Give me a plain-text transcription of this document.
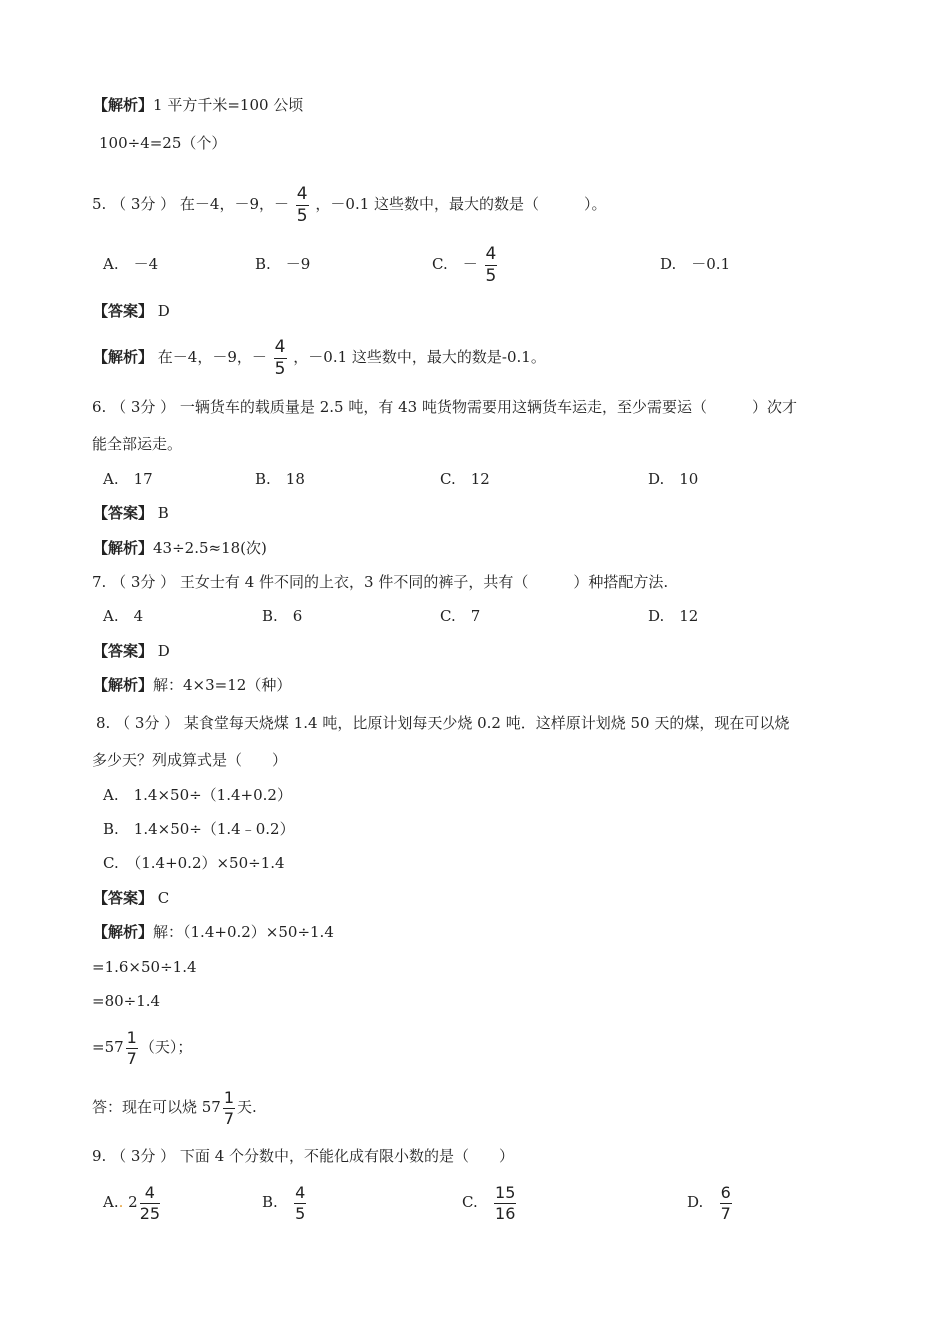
【解析】1 平方千米=100 公顷
100÷4=25（个）
5. （ 3分 ） 在－4，－9，－ $\frac{4}{5}$ ，－0.1 这些数中，最大的数是（　　　）。
A.　－4	B.　－9	C.　－ $\frac{4}{5}$	D.　－0.1
【答案】 D
【解析】 在－4，－9，－ $\frac{4}{5}$ ，－0.1 这些数中，最大的数是-0.1。
6. （ 3分 ） 一辆货车的载质量是 2.5 吨，有 43 吨货物需要用这辆货车运走，至少需要运（　　　）次才
能全部运走。
A.　17	B.　18	C.　12	D.　10
【答案】 B
【解析】43÷2.5≈18(次)
7. （ 3分 ） 王女士有 4 件不同的上衣，3 件不同的裤子，共有（　　　）种搭配方法.
A.　4	B.　6	C.　7	D.　12
【答案】 D
【解析】解：4×3=12（种）
8. （ 3分 ） 某食堂每天烧煤 1.4 吨，比原计划每天少烧 0.2 吨．这样原计划烧 50 天的煤，现在可以烧
多少天？列成算式是（　　）
A.　1.4×50÷（1.4+0.2）
B.　1.4×50÷（1.4﹣0.2）
C.　（1.4+0.2）×50÷1.4
【答案】 C
【解析】解：（1.4+0.2）×50÷1.4
=1.6×50÷1.4
=80÷1.4
$=57 \frac{1}{7}$ （天）；
答：现在可以烧 $57 \frac{1}{7}$ 天.
9. （ 3分 ） 下面 4 个分数中，不能化成有限小数的是（　　）
A.. $2 \frac{4}{25}$	B. $\frac{4}{5}$	C. $\frac{15}{16}$	D. $\frac{6}{7}$
